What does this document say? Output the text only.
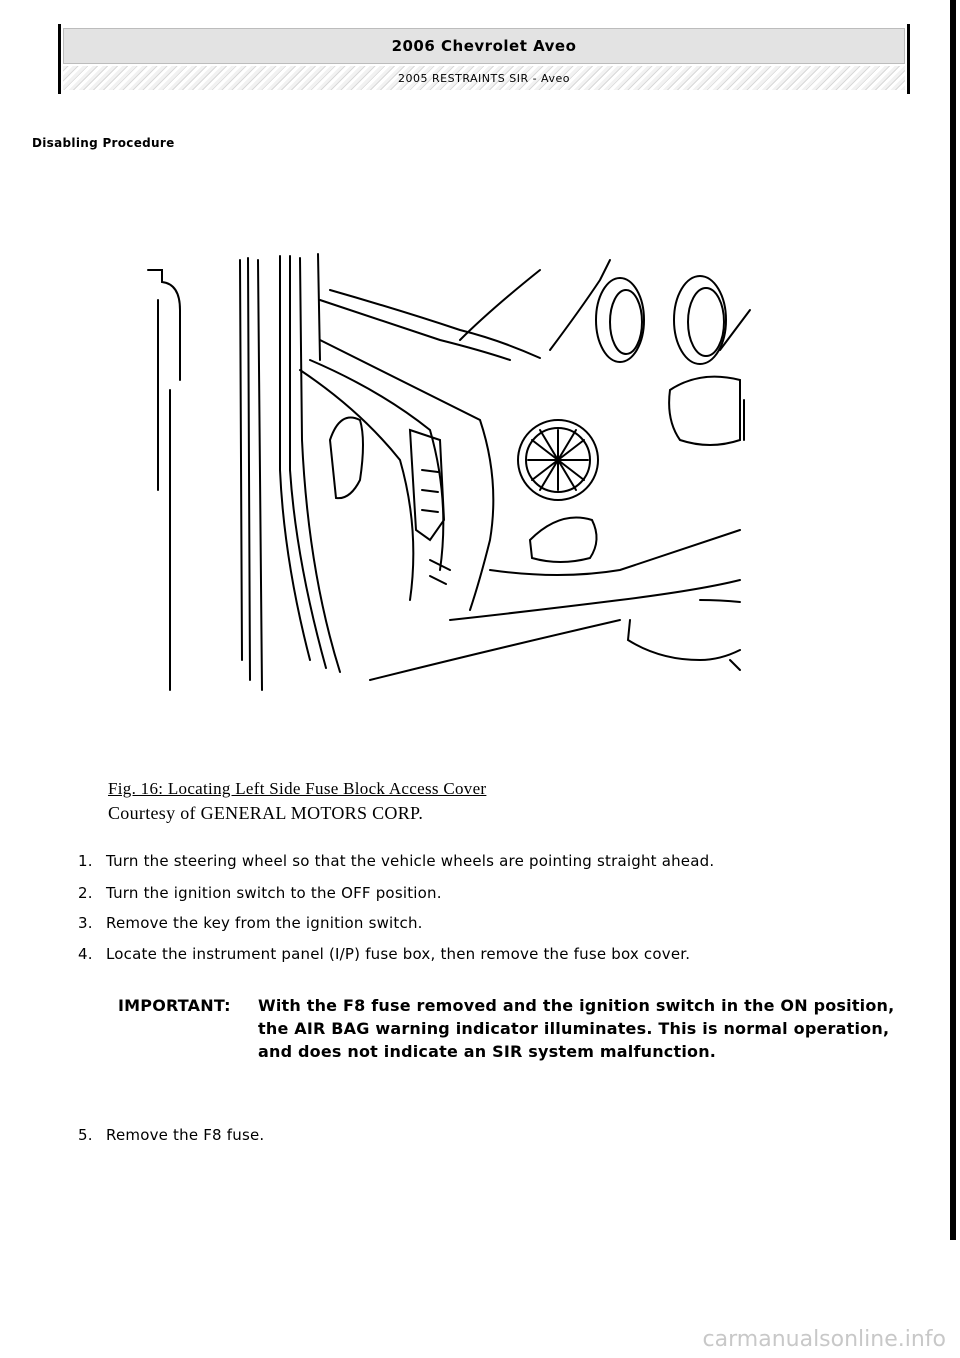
2006 Chevrolet Aveo
2005 RESTRAINTS SIR - Aveo
Disabling Procedure
Fig. 16: Locating Left Side Fuse Block Access Cover
Courtesy of GENERAL MOTORS CORP.
1. Turn the steering wheel so that the vehicle wheels are pointing straight ahead.
2. Turn the ignition switch to the OFF position.
3. Remove the key from the ignition switch.
4. Locate the instrument panel (I/P) fuse box, then remove the fuse box cover.
IMPORTANT: With the F8 fuse removed and the ignition switch in the ON position, the AIR BAG warning indicator illuminates. This is normal operation, and does not indicate an SIR system malfunction.
5. Remove the F8 fuse.
carmanualsonline.info
